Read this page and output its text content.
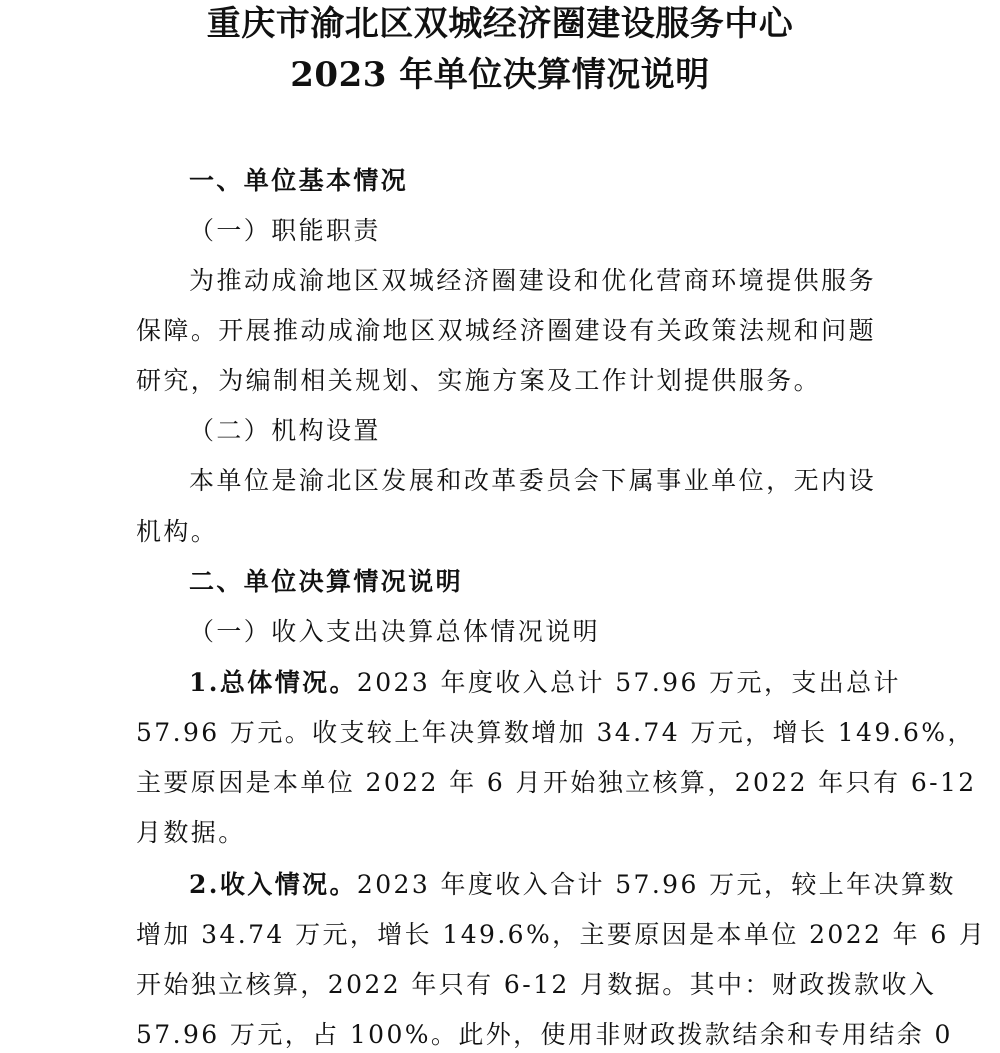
重庆市渝北区双城经济圈建设服务中心
2023 年单位决算情况说明

一、单位基本情况

（一）职能职责

为推动成渝地区双城经济圈建设和优化营商环境提供服务

保障。开展推动成渝地区双城经济圈建设有关政策法规和问题

研究，为编制相关规划、实施方案及工作计划提供服务。

（二）机构设置

本单位是渝北区发展和改革委员会下属事业单位，无内设

机构。

二、单位决算情况说明

（一）收入支出决算总体情况说明

1.总体情况。2023 年度收入总计 57.96 万元，支出总计

57.96 万元。收支较上年决算数增加 34.74 万元，增长 149.6%，

主要原因是本单位 2022 年 6 月开始独立核算，2022 年只有 6-12

月数据。

2.收入情况。2023 年度收入合计 57.96 万元，较上年决算数

增加 34.74 万元，增长 149.6%，主要原因是本单位 2022 年 6 月

开始独立核算，2022 年只有 6-12 月数据。其中：财政拨款收入

57.96 万元，占 100%。此外，使用非财政拨款结余和专用结余 0
